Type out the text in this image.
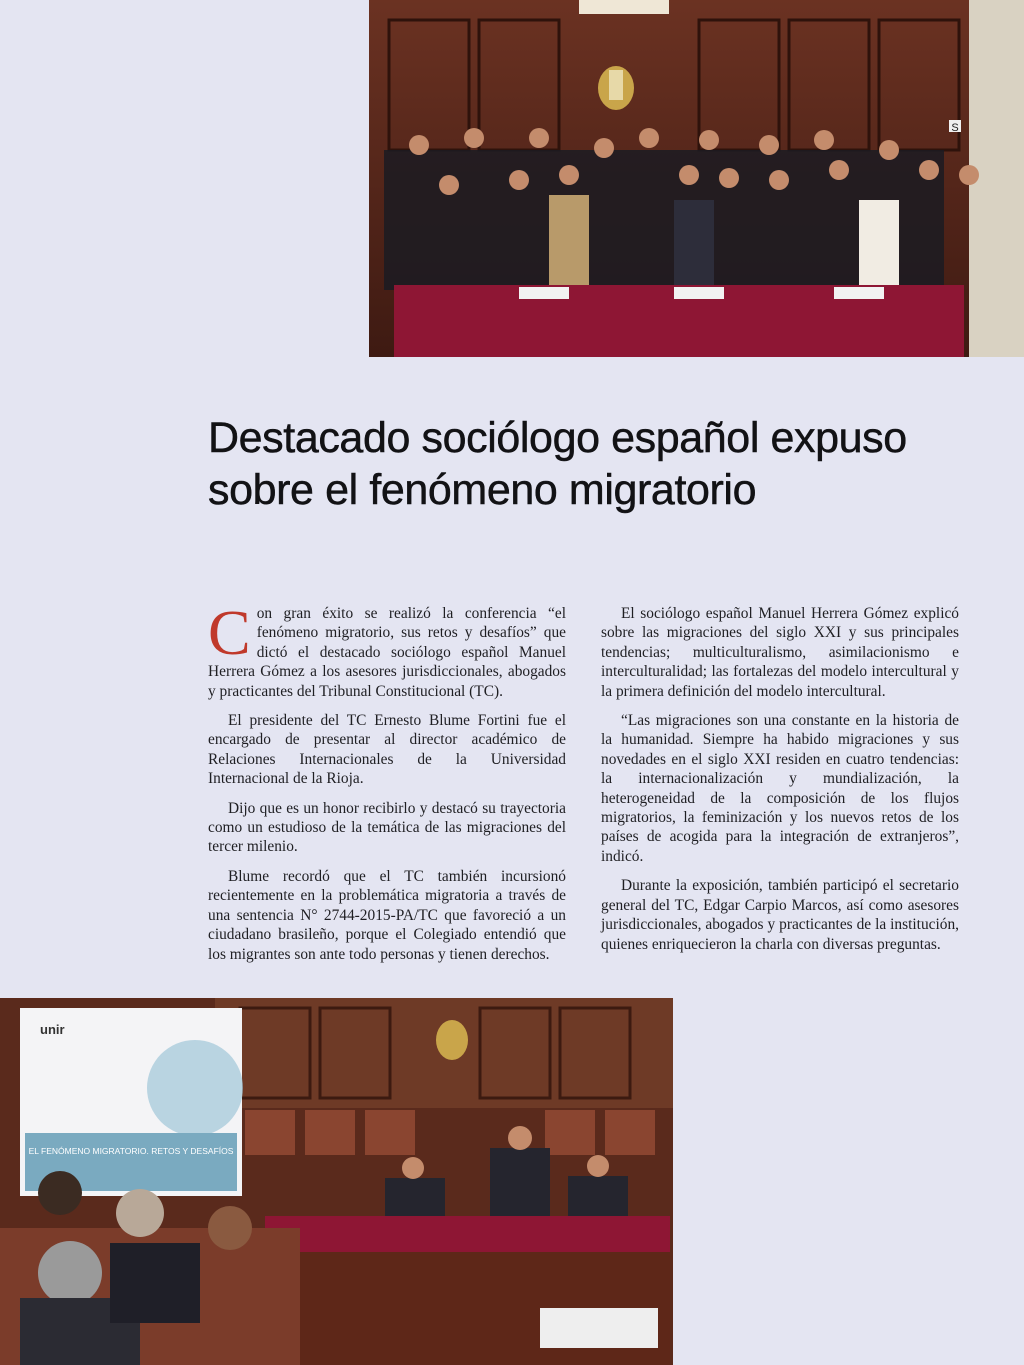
S
Destacado sociólogo español expuso sobre el fenómeno migratorio

Con gran éxito se realizó la conferencia “el fenómeno migratorio, sus retos y desafíos” que dictó el destacado sociólogo español Manuel Herrera Gómez a los asesores jurisdiccionales, abogados y practicantes del Tribunal Constitucional (TC).

El presidente del TC Ernesto Blume Fortini fue el encargado de presentar al director académico de Relaciones Internacionales de la Universidad Internacional de la Rioja.

Dijo que es un honor recibirlo y destacó su trayectoria como un estudioso de la temática de las migraciones del tercer milenio.

Blume recordó que el TC también incursionó recientemente en la problemática migratoria a través de una sentencia N° 2744-2015-PA/TC que favoreció a un ciudadano brasileño, porque el Colegiado entendió que los migrantes son ante todo personas y tienen derechos.

El sociólogo español Manuel Herrera Gómez explicó sobre las migraciones del siglo XXI y sus principales tendencias; multiculturalismo, asimilacionismo e interculturalidad; las fortalezas del modelo intercultural y la primera definición del modelo intercultural.

“Las migraciones son una constante en la historia de la humanidad. Siempre ha habido migraciones y sus novedades en el siglo XXI residen en cuatro tendencias: la internacionalización y mundialización, la heterogeneidad de la composición de los flujos migratorios, la feminización y los nuevos retos de los países de acogida para la integración de extranjeros”, indicó.

Durante la exposición, también participó el secretario general del TC, Edgar Carpio Marcos, así como asesores jurisdiccionales, abogados y practicantes de la institución, quienes enriquecieron la charla con diversas preguntas.

unir
EL FENÓMENO MIGRATORIO. RETOS Y DESAFÍOS
